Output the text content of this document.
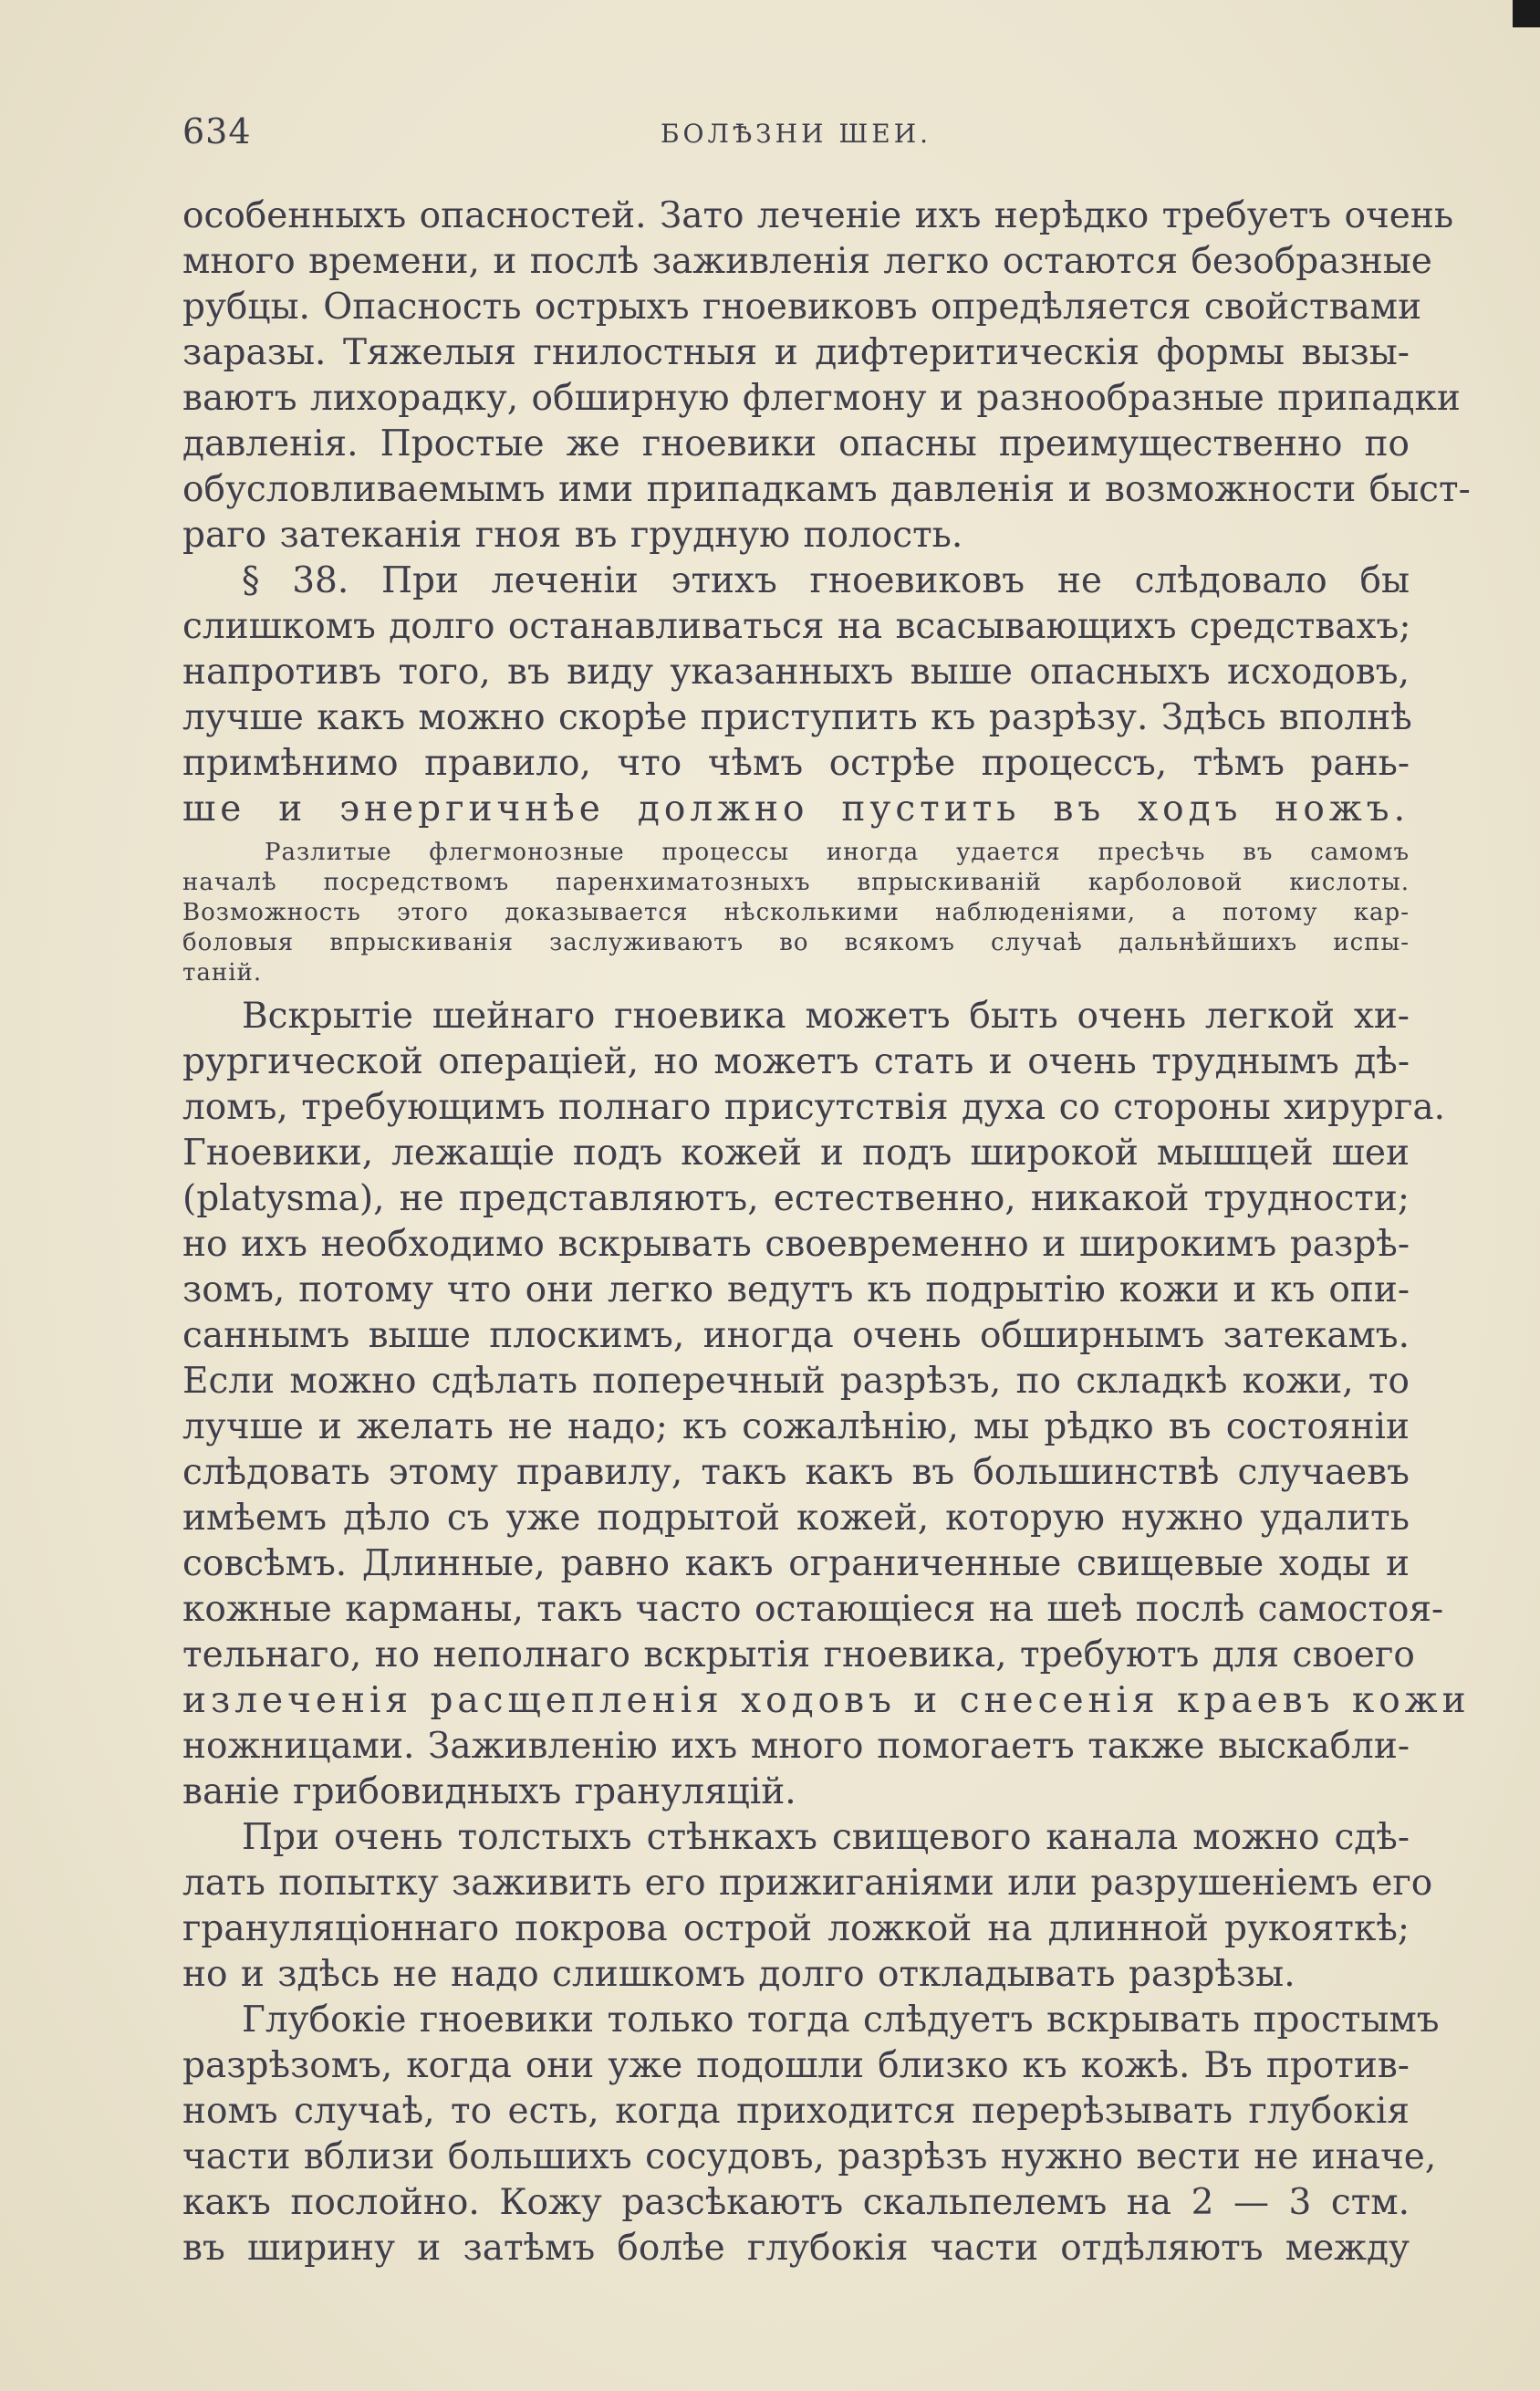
634	БОЛѢЗНИ ШЕИ.
особенныхъ опасностей. Зато леченіе ихъ нерѣдко требуетъ очень
много времени, и послѣ заживленія легко остаются безобразные
рубцы. Опасность острыхъ гноевиковъ опредѣляется свойствами
заразы. Тяжелыя гнилостныя и дифтеритическія формы вызы-
ваютъ лихорадку, обширную флегмону и разнообразные припадки
давленія. Простые же гноевики опасны преимущественно по
обусловливаемымъ ими припадкамъ давленія и возможности быст-
раго затеканія гноя въ грудную полость.
§ 38. При леченіи этихъ гноевиковъ не слѣдовало бы
слишкомъ долго останавливаться на всасывающихъ средствахъ;
напротивъ того, въ виду указанныхъ выше опасныхъ исходовъ,
лучше какъ можно скорѣе приступить къ разрѣзу. Здѣсь вполнѣ
примѣнимо правило, что чѣмъ острѣе процессъ, тѣмъ рань-
ше и энергичнѣе должно пустить въ ходъ ножъ.
Разлитые флегмонозные процессы иногда удается пресѣчь въ самомъ
началѣ посредствомъ паренхиматозныхъ впрыскиваній карболовой кислоты.
Возможность этого доказывается нѣсколькими наблюденіями, а потому кар-
боловыя впрыскиванія заслуживаютъ во всякомъ случаѣ дальнѣйшихъ испы-
таній.
Вскрытіе шейнаго гноевика можетъ быть очень легкой хи-
рургической операціей, но можетъ стать и очень труднымъ дѣ-
ломъ, требующимъ полнаго присутствія духа со стороны хирурга.
Гноевики, лежащіе подъ кожей и подъ широкой мышцей шеи
(platysma), не представляютъ, естественно, никакой трудности;
но ихъ необходимо вскрывать своевременно и широкимъ разрѣ-
зомъ, потому что они легко ведутъ къ подрытію кожи и къ опи-
саннымъ выше плоскимъ, иногда очень обширнымъ затекамъ.
Если можно сдѣлать поперечный разрѣзъ, по складкѣ кожи, то
лучше и желать не надо; къ сожалѣнію, мы рѣдко въ состояніи
слѣдовать этому правилу, такъ какъ въ большинствѣ случаевъ
имѣемъ дѣло съ уже подрытой кожей, которую нужно удалить
совсѣмъ. Длинные, равно какъ ограниченные свищевые ходы и
кожные карманы, такъ часто остающіеся на шеѣ послѣ самостоя-
тельнаго, но неполнаго вскрытія гноевика, требуютъ для своего
излеченія расщепленія ходовъ и снесенія краевъ кожи
ножницами. Заживленію ихъ много помогаетъ также выскабли-
ваніе грибовидныхъ грануляцій.
При очень толстыхъ стѣнкахъ свищевого канала можно сдѣ-
лать попытку заживить его прижиганіями или разрушеніемъ его
грануляціоннаго покрова острой ложкой на длинной рукояткѣ;
но и здѣсь не надо слишкомъ долго откладывать разрѣзы.
Глубокіе гноевики только тогда слѣдуетъ вскрывать простымъ
разрѣзомъ, когда они уже подошли близко къ кожѣ. Въ против-
номъ случаѣ, то есть, когда приходится перерѣзывать глубокія
части вблизи большихъ сосудовъ, разрѣзъ нужно вести не иначе,
какъ послойно. Кожу разсѣкаютъ скальпелемъ на 2 — 3 стм.
въ ширину и затѣмъ болѣе глубокія части отдѣляютъ между
